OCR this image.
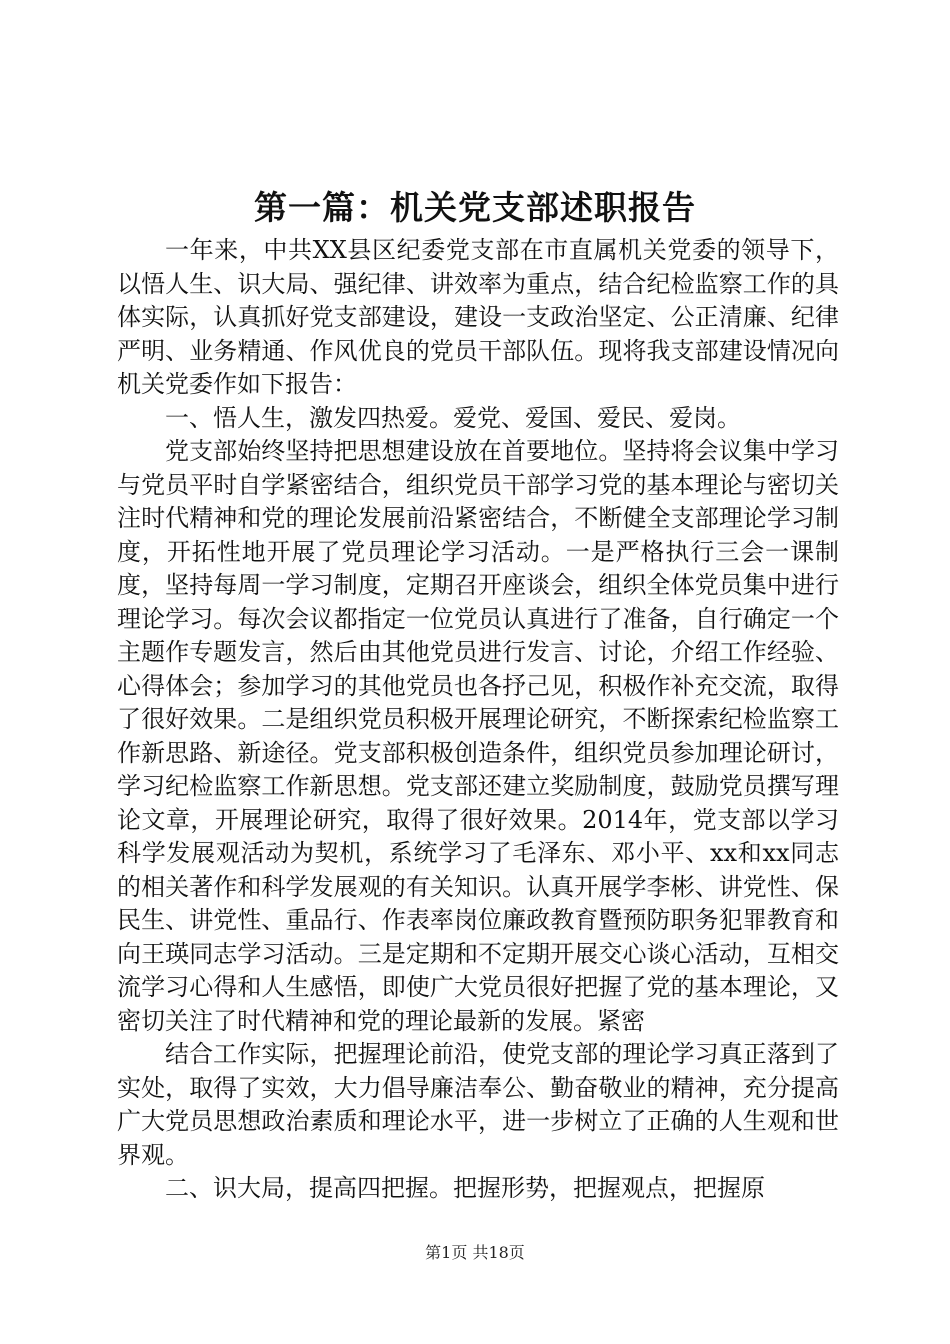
第一篇：机关党支部述职报告

一年来，中共XX县区纪委党支部在市直属机关党委的领导下，以悟人生、识大局、强纪律、讲效率为重点，结合纪检监察工作的具体实际，认真抓好党支部建设，建设一支政治坚定、公正清廉、纪律严明、业务精通、作风优良的党员干部队伍。现将我支部建设情况向机关党委作如下报告：

一、悟人生，激发四热爱。爱党、爱国、爱民、爱岗。

党支部始终坚持把思想建设放在首要地位。坚持将会议集中学习与党员平时自学紧密结合，组织党员干部学习党的基本理论与密切关注时代精神和党的理论发展前沿紧密结合，不断健全支部理论学习制度，开拓性地开展了党员理论学习活动。一是严格执行三会一课制度，坚持每周一学习制度，定期召开座谈会，组织全体党员集中进行理论学习。每次会议都指定一位党员认真进行了准备，自行确定一个主题作专题发言，然后由其他党员进行发言、讨论，介绍工作经验、心得体会；参加学习的其他党员也各抒己见，积极作补充交流，取得了很好效果。二是组织党员积极开展理论研究，不断探索纪检监察工作新思路、新途径。党支部积极创造条件，组织党员参加理论研讨，学习纪检监察工作新思想。党支部还建立奖励制度，鼓励党员撰写理论文章，开展理论研究，取得了很好效果。2014年，党支部以学习科学发展观活动为契机，系统学习了毛泽东、邓小平、xx和xx同志的相关著作和科学发展观的有关知识。认真开展学李彬、讲党性、保民生、讲党性、重品行、作表率岗位廉政教育暨预防职务犯罪教育和向王瑛同志学习活动。三是定期和不定期开展交心谈心活动，互相交流学习心得和人生感悟，即使广大党员很好把握了党的基本理论，又密切关注了时代精神和党的理论最新的发展。紧密

结合工作实际，把握理论前沿，使党支部的理论学习真正落到了实处，取得了实效，大力倡导廉洁奉公、勤奋敬业的精神，充分提高广大党员思想政治素质和理论水平，进一步树立了正确的人生观和世界观。

二、识大局，提高四把握。把握形势，把握观点，把握原

第1页 共18页
